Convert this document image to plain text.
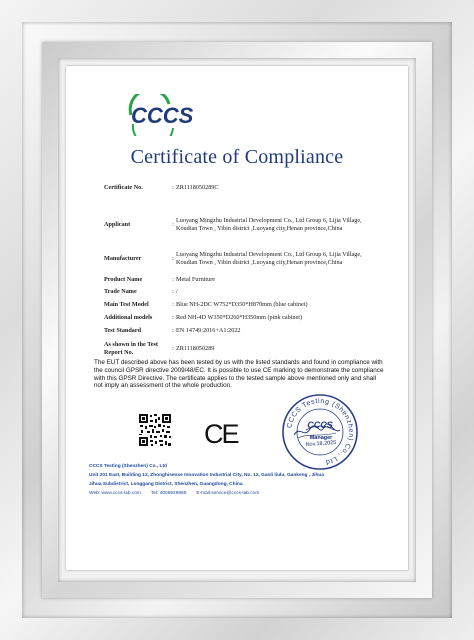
CCCS
Certificate of Compliance
Certificate No.	: ZR1118050289C
Applicant	:
Luoyang Mingzhu Industrial Development Co., Ltd Group 6, Lijia Village, Koudian Town , Yibin district ,Luoyang city,Henan province,China
Manufacturer	:
Luoyang Mingzhu Industrial Development Co., Ltd Group 6, Lijia Village, Koudian Town , Yibin district ,Luoyang city,Henan province,China
Product Name	: Metal Furniture
Trade Name	: /
Main Test Model	: Blue NH-2DC W752*D350*H870mm (blue cabinet)
Additional models	: Red NH-4D W350*D260*H350mm (pink cabinet)
Test Standard	: EN 14749:2016+A1:2022
As shown in the Test Report No.
: ZR1118050289
The EUT described above has been tested by us with the listed standards and found in compliance with the council GPSR directive 2009/48/EC. It is possible to use CE marking to demonstrate the compliance with this GPSR Directive. The certificate applies to the tested sample above mentioned only and shall not imply an assessment of the whole production.
CE	CCCS Testing (Shenzhen) Co., Ltd
CCCS
Manager
Nov.18,2025
CCCS Testing (Shenzhen) Co., Ltd
Unit 201 East, Building 12, Zhonghisense Innovation Industrial City, No. 12, Ganli liulu, Gankeng , Jihua
Jihua Subdistrict, Longgang District, Shenzhen, Guangdong, China
Web: www.cccs-lab.com Tel: 4008928985 E-mail:service@cccs-lab.com
